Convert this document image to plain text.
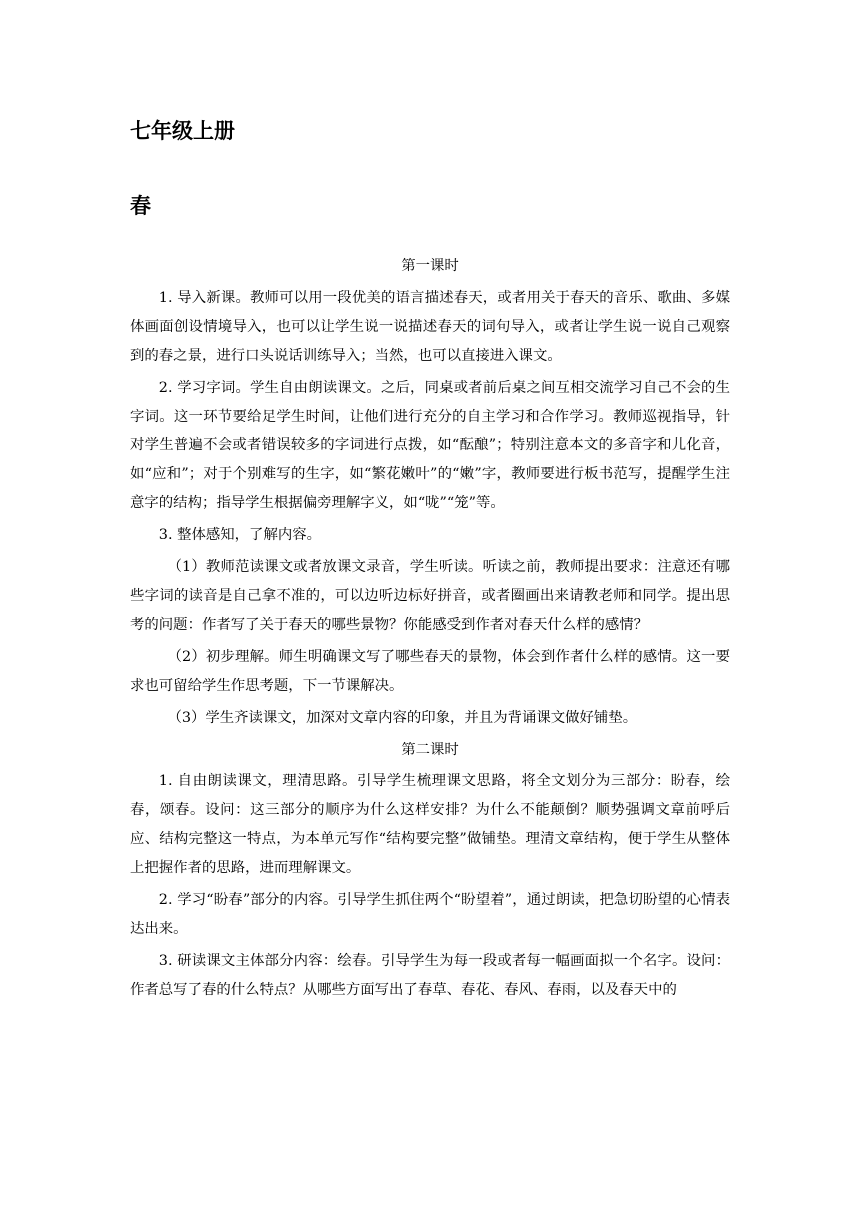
七年级上册
春
第一课时

1. 导入新课。教师可以用一段优美的语言描述春天，或者用关于春天的音乐、歌曲、多媒体画面创设情境导入，也可以让学生说一说描述春天的词句导入，或者让学生说一说自己观察到的春之景，进行口头说话训练导入；当然，也可以直接进入课文。

2. 学习字词。学生自由朗读课文。之后，同桌或者前后桌之间互相交流学习自己不会的生字词。这一环节要给足学生时间，让他们进行充分的自主学习和合作学习。教师巡视指导，针对学生普遍不会或者错误较多的字词进行点拨，如“酝酿”；特别注意本文的多音字和儿化音，如“应和”；对于个别难写的生字，如“繁花嫩叶”的“嫩”字，教师要进行板书范写，提醒学生注意字的结构；指导学生根据偏旁理解字义，如“咙”“笼”等。

3. 整体感知，了解内容。

（1）教师范读课文或者放课文录音，学生听读。听读之前，教师提出要求：注意还有哪些字词的读音是自己拿不准的，可以边听边标好拼音，或者圈画出来请教老师和同学。提出思考的问题：作者写了关于春天的哪些景物？你能感受到作者对春天什么样的感情？

（2）初步理解。师生明确课文写了哪些春天的景物，体会到作者什么样的感情。这一要求也可留给学生作思考题，下一节课解决。

（3）学生齐读课文，加深对文章内容的印象，并且为背诵课文做好铺垫。

第二课时

1. 自由朗读课文，理清思路。引导学生梳理课文思路，将全文划分为三部分：盼春，绘春，颂春。设问：这三部分的顺序为什么这样安排？为什么不能颠倒？顺势强调文章前呼后应、结构完整这一特点，为本单元写作“结构要完整”做铺垫。理清文章结构，便于学生从整体上把握作者的思路，进而理解课文。

2. 学习“盼春”部分的内容。引导学生抓住两个“盼望着”，通过朗读，把急切盼望的心情表达出来。

3. 研读课文主体部分内容：绘春。引导学生为每一段或者每一幅画面拟一个名字。设问：作者总写了春的什么特点？从哪些方面写出了春草、春花、春风、春雨，以及春天中的
